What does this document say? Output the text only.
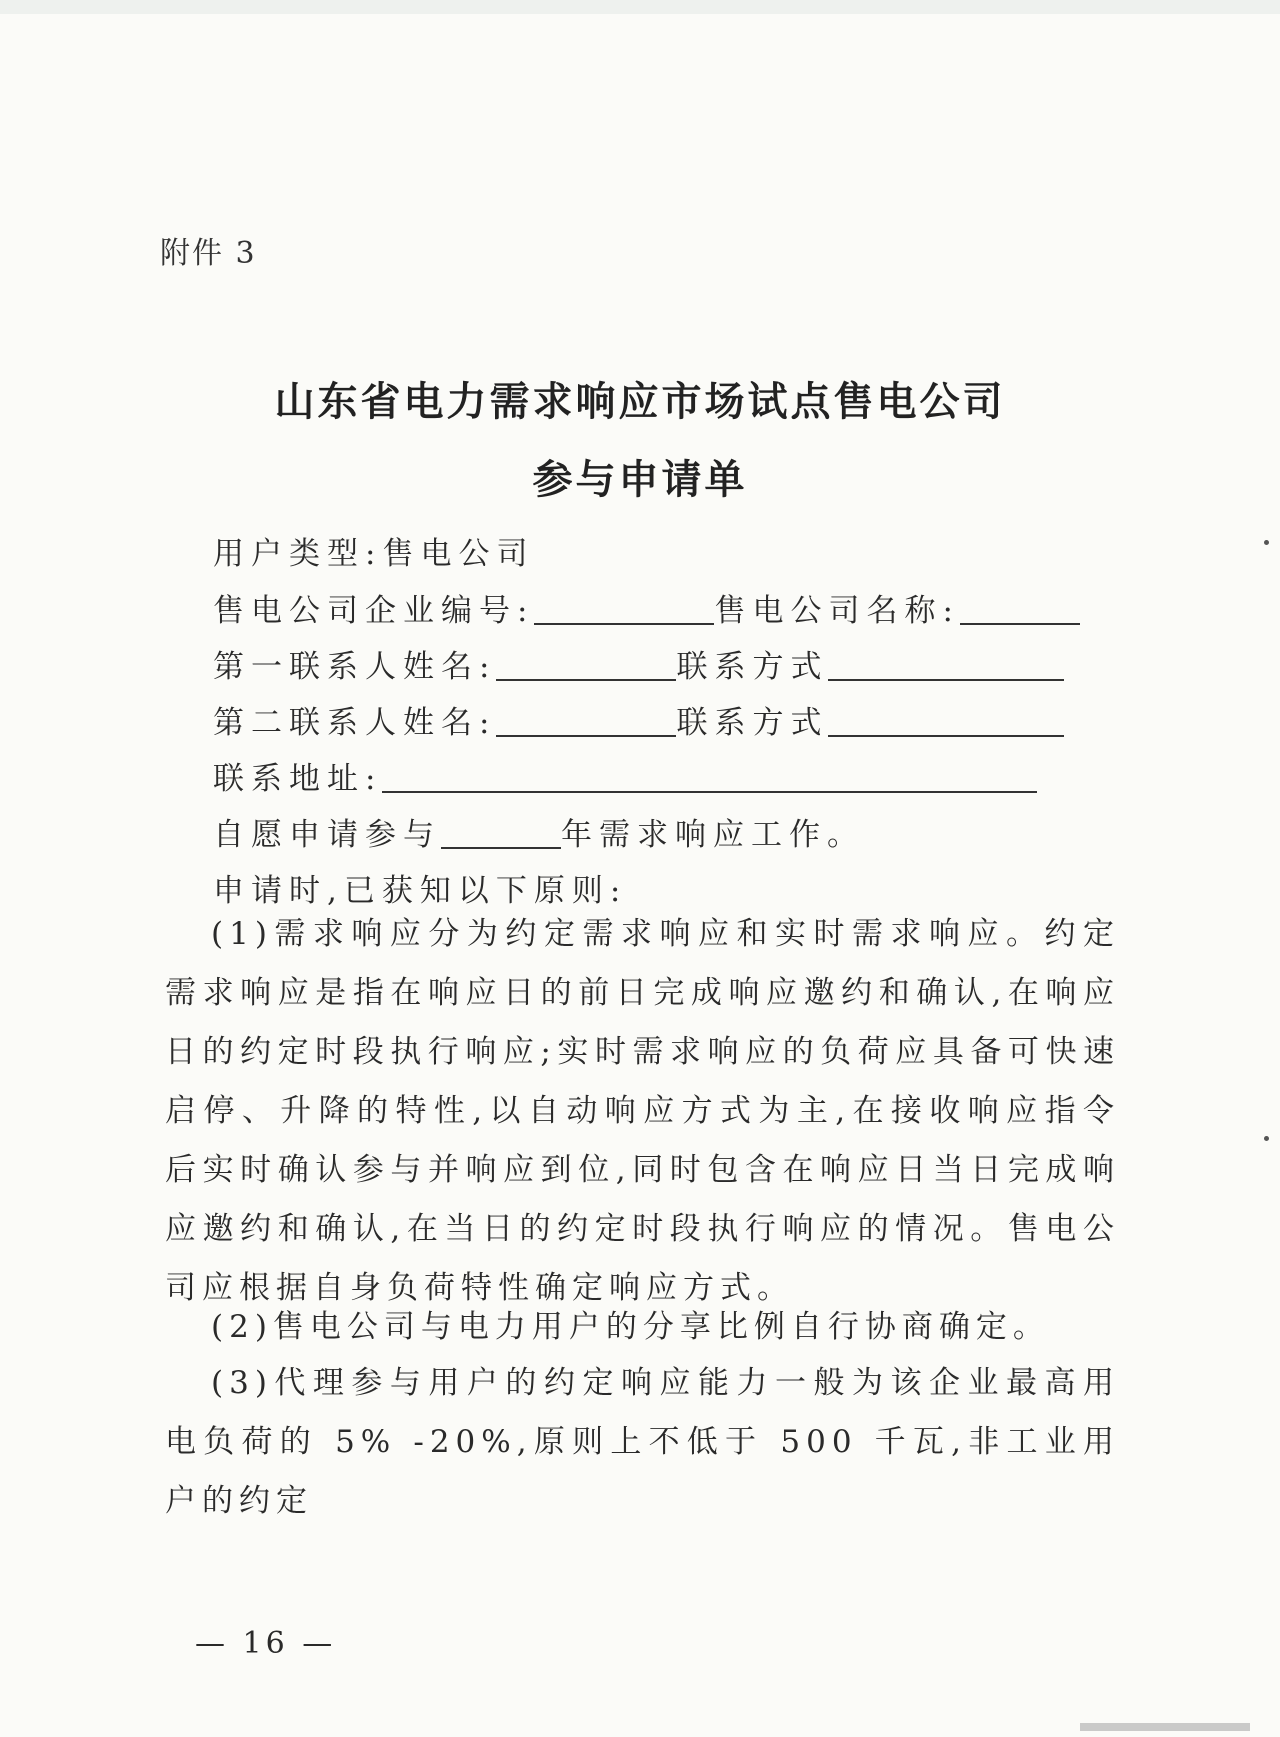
附件 3
山东省电力需求响应市场试点售电公司
参与申请单
用户类型:售电公司
售电公司企业编号:	售电公司名称:
第一联系人姓名:	联系方式
第二联系人姓名:	联系方式
联系地址:
自愿申请参与	年需求响应工作。
申请时,已获知以下原则:
(1)需求响应分为约定需求响应和实时需求响应。约定需求响应是指在响应日的前日完成响应邀约和确认,在响应日的约定时段执行响应;实时需求响应的负荷应具备可快速启停、升降的特性,以自动响应方式为主,在接收响应指令后实时确认参与并响应到位,同时包含在响应日当日完成响应邀约和确认,在当日的约定时段执行响应的情况。售电公司应根据自身负荷特性确定响应方式。
(2)售电公司与电力用户的分享比例自行协商确定。
(3)代理参与用户的约定响应能力一般为该企业最高用电负荷的 5% -20%,原则上不低于 500 千瓦,非工业用户的约定
— 16 —
